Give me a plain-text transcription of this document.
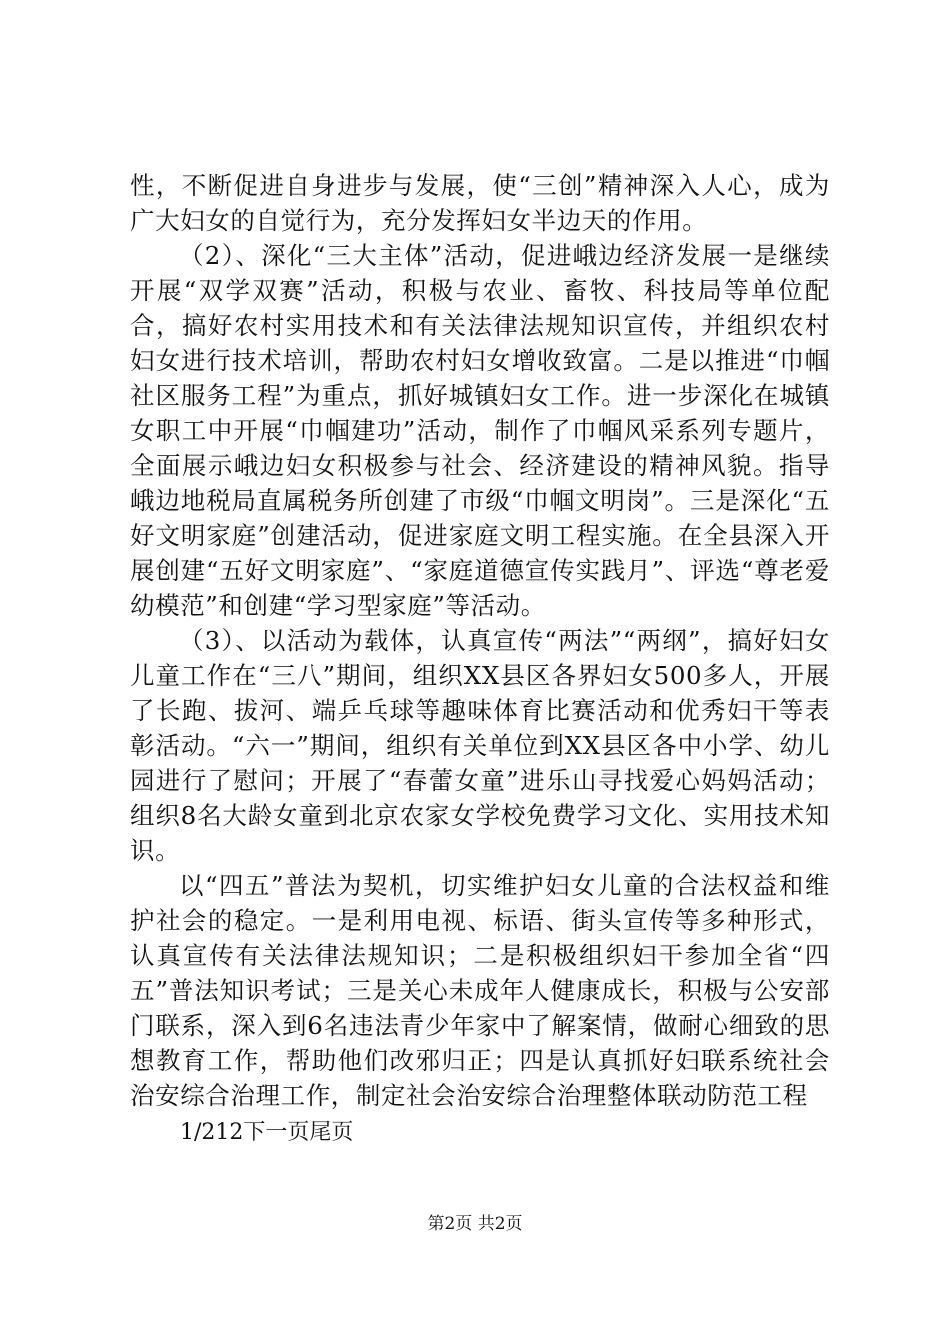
性，不断促进自身进步与发展，使“三创”精神深入人心，成为广大妇女的自觉行为，充分发挥妇女半边天的作用。

（2）、深化“三大主体”活动，促进峨边经济发展一是继续开展“双学双赛”活动，积极与农业、畜牧、科技局等单位配合，搞好农村实用技术和有关法律法规知识宣传，并组织农村妇女进行技术培训，帮助农村妇女增收致富。二是以推进“巾帼社区服务工程”为重点，抓好城镇妇女工作。进一步深化在城镇女职工中开展“巾帼建功”活动，制作了巾帼风采系列专题片，全面展示峨边妇女积极参与社会、经济建设的精神风貌。指导峨边地税局直属税务所创建了市级“巾帼文明岗”。三是深化“五好文明家庭”创建活动，促进家庭文明工程实施。在全县深入开展创建“五好文明家庭”、“家庭道德宣传实践月”、评选“尊老爱幼模范”和创建“学习型家庭”等活动。

（3）、以活动为载体，认真宣传“两法”“两纲”，搞好妇女儿童工作在“三八”期间，组织XX县区各界妇女500多人，开展了长跑、拔河、端乒乓球等趣味体育比赛活动和优秀妇干等表彰活动。“六一”期间，组织有关单位到XX县区各中小学、幼儿园进行了慰问；开展了“春蕾女童”进乐山寻找爱心妈妈活动；组织8名大龄女童到北京农家女学校免费学习文化、实用技术知识。

以“四五”普法为契机，切实维护妇女儿童的合法权益和维护社会的稳定。一是利用电视、标语、街头宣传等多种形式，认真宣传有关法律法规知识；二是积极组织妇干参加全省“四五”普法知识考试；三是关心未成年人健康成长，积极与公安部门联系，深入到6名违法青少年家中了解案情，做耐心细致的思想教育工作，帮助他们改邪归正；四是认真抓好妇联系统社会治安综合治理工作，制定社会治安综合治理整体联动防范工程

1/212下一页尾页

第2页 共2页
